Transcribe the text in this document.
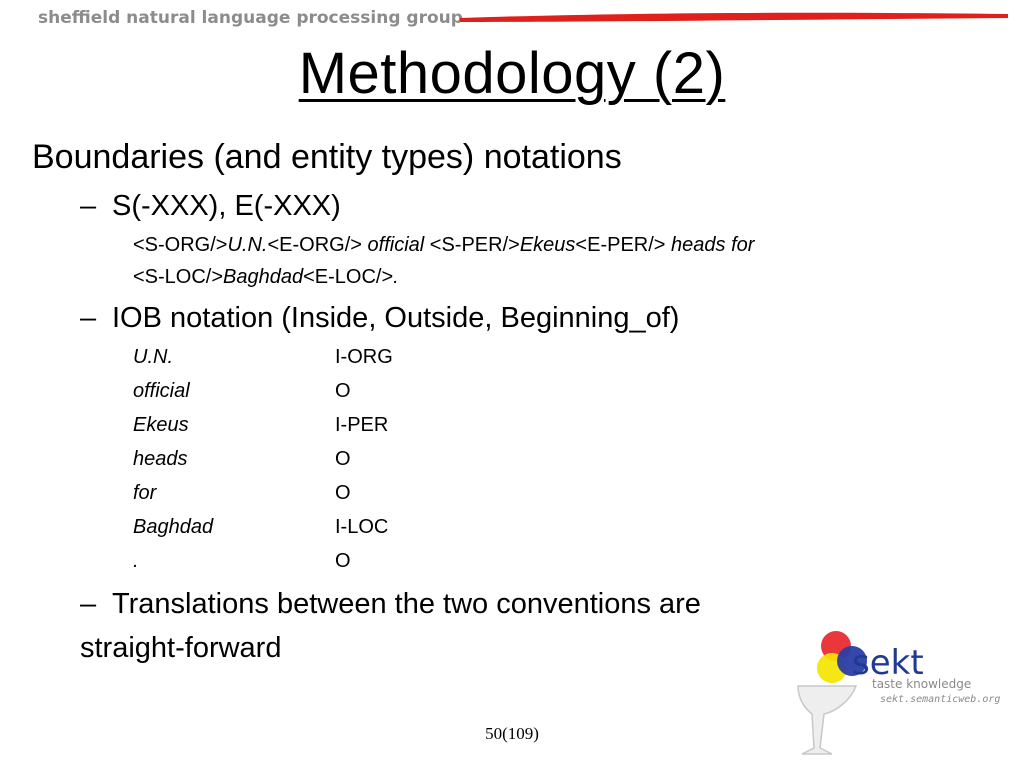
sheffield natural language processing group
Methodology (2)
Boundaries (and entity types) notations
– S(-XXX), E(-XXX)
<S-ORG/>U.N.<E-ORG/> official <S-PER/>Ekeus<E-PER/> heads for
<S-LOC/>Baghdad<E-LOC/>.
– IOB notation (Inside, Outside, Beginning_of)
U.N.	I-ORG
official	O
Ekeus	I-PER
heads	O
for	O
Baghdad	I-LOC
.	O
– Translations between the two conventions are
straight-forward	sekt
taste knowledge
sekt.semanticweb.org
50(109)
